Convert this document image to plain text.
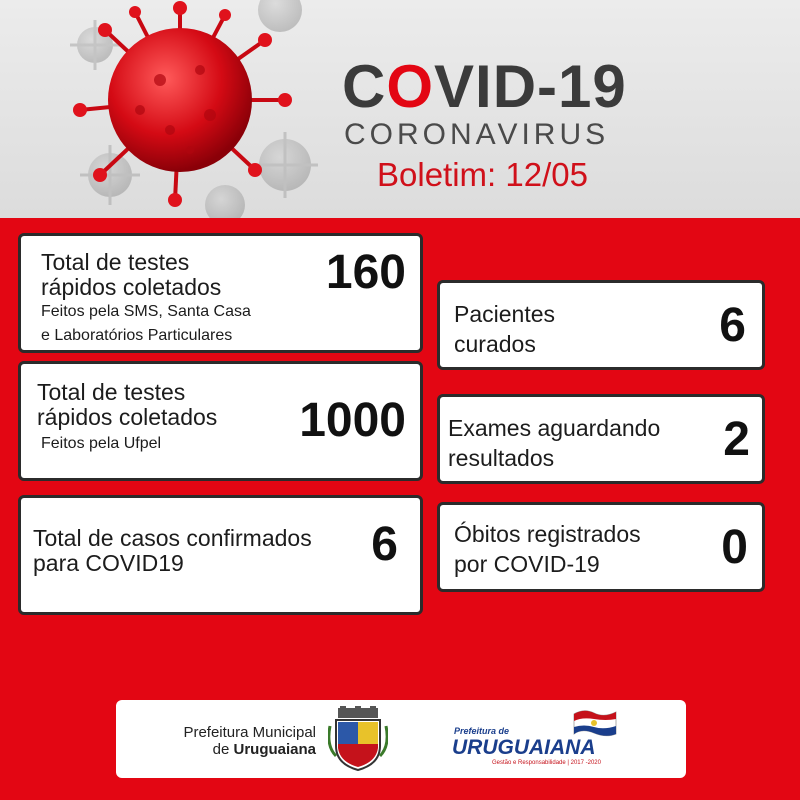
COVID-19
CORONAVIRUS
Boletim: 12/05
Total de testes
rápidos coletados
Feitos pela SMS, Santa Casa
e Laboratórios Particulares
160
Total de testes
rápidos coletados
Feitos pela Ufpel	1000
Total de casos confirmados
para COVID19	6
Pacientes
curados	6
Exames aguardando
resultados	2
Óbitos registrados
por COVID-19	0
Prefeitura Municipal
de Uruguaiana
Prefeitura de
URUGUAIANA
Gestão e Responsabilidade | 2017 -2020
